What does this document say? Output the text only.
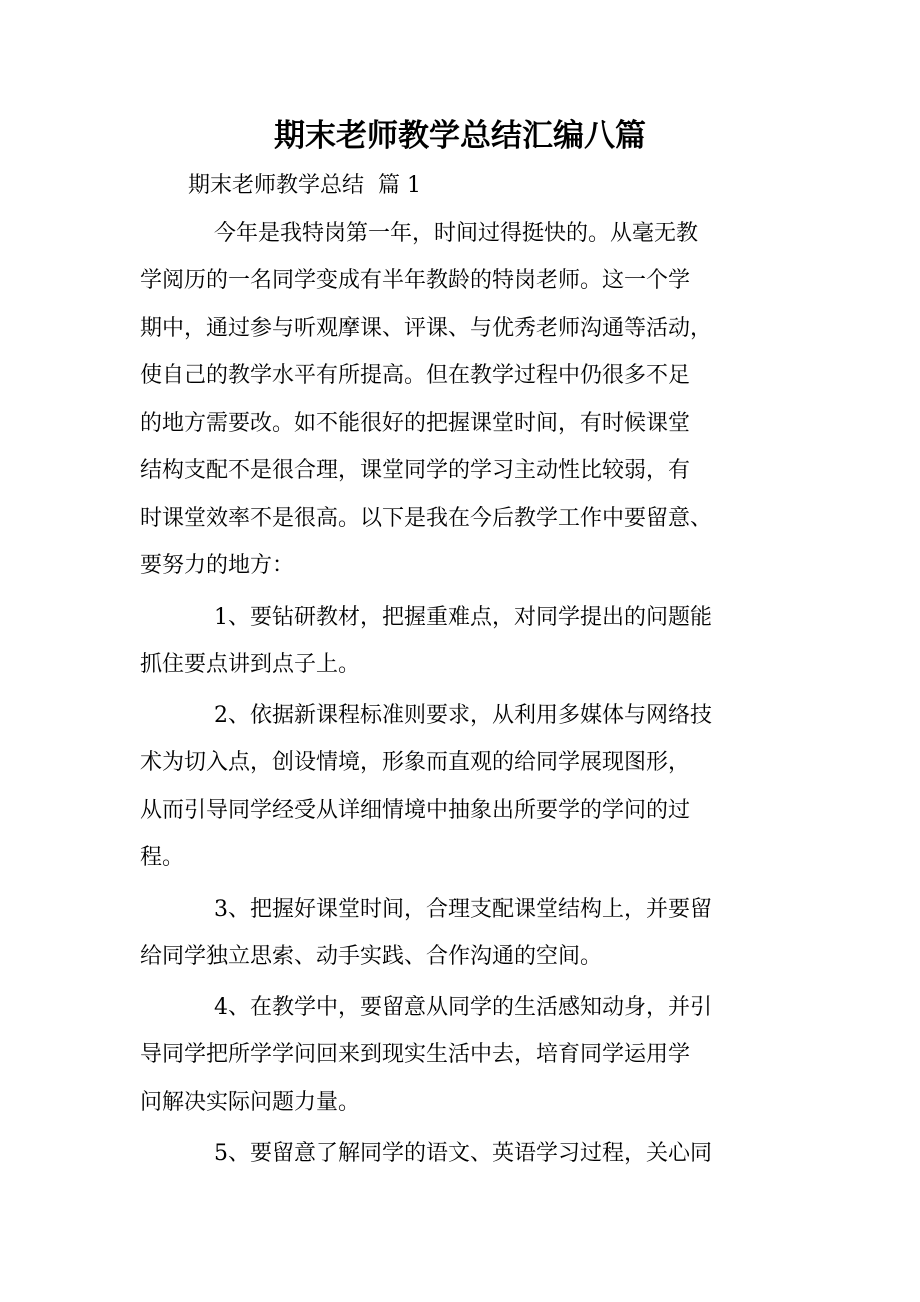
期末老师教学总结汇编八篇
期末老师教学总结  篇 1
今年是我特岗第一年，时间过得挺快的。从毫无教
学阅历的一名同学变成有半年教龄的特岗老师。这一个学
期中，通过参与听观摩课、评课、与优秀老师沟通等活动，
使自己的教学水平有所提高。但在教学过程中仍很多不足
的地方需要改。如不能很好的把握课堂时间，有时候课堂
结构支配不是很合理，课堂同学的学习主动性比较弱，有
时课堂效率不是很高。以下是我在今后教学工作中要留意、
要努力的地方：
1、要钻研教材，把握重难点，对同学提出的问题能
抓住要点讲到点子上。
2、依据新课程标准则要求，从利用多媒体与网络技
术为切入点，创设情境，形象而直观的给同学展现图形，
从而引导同学经受从详细情境中抽象出所要学的学问的过
程。
3、把握好课堂时间，合理支配课堂结构上，并要留
给同学独立思索、动手实践、合作沟通的空间。
4、在教学中，要留意从同学的生活感知动身，并引
导同学把所学学问回来到现实生活中去，培育同学运用学
问解决实际问题力量。
5、要留意了解同学的语文、英语学习过程，关心同
